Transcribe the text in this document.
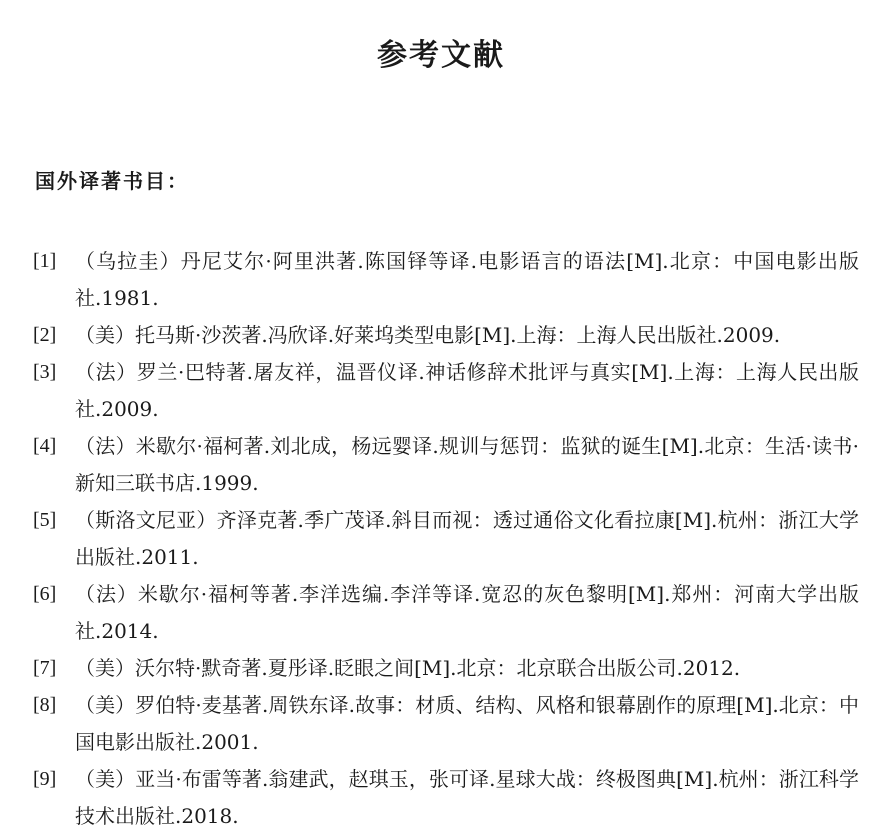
参考文献
国外译著书目：
[1] （乌拉圭）丹尼艾尔·阿里洪著.陈国铎等译.电影语言的语法[M].北京：中国电影出版社.1981.
[2] （美）托马斯·沙茨著.冯欣译.好莱坞类型电影[M].上海：上海人民出版社.2009.
[3] （法）罗兰·巴特著.屠友祥，温晋仪译.神话修辞术批评与真实[M].上海：上海人民出版社.2009.
[4] （法）米歇尔·福柯著.刘北成，杨远婴译.规训与惩罚：监狱的诞生[M].北京：生活·读书·新知三联书店.1999.
[5] （斯洛文尼亚）齐泽克著.季广茂译.斜目而视：透过通俗文化看拉康[M].杭州：浙江大学出版社.2011.
[6] （法）米歇尔·福柯等著.李洋选编.李洋等译.宽忍的灰色黎明[M].郑州：河南大学出版社.2014.
[7] （美）沃尔特·默奇著.夏彤译.眨眼之间[M].北京：北京联合出版公司.2012.
[8] （美）罗伯特·麦基著.周铁东译.故事：材质、结构、风格和银幕剧作的原理[M].北京：中国电影出版社.2001.
[9] （美）亚当·布雷等著.翁建武，赵琪玉，张可译.星球大战：终极图典[M].杭州：浙江科学技术出版社.2018.
